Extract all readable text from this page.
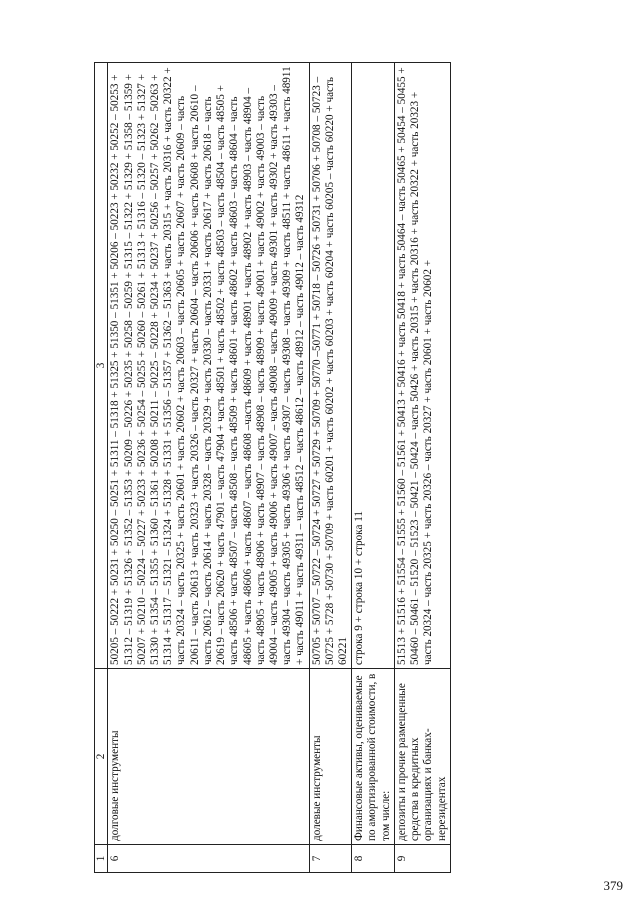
1	2	3
6	долговые инструменты	50205 – 50222 + 50231 + 50250 – 50251 + 51311 – 51318 + 51325 + 51350 – 51351 + 50206 – 50223 + 50232 + 50252 – 50253 + 51312 – 51319 + 51326 + 51352 – 51353 + 50209 – 50226 + 50235 + 50258 – 50259 + 51315 – 51322 + 51329 + 51358 – 51359 + 50207 + 50210 – 50224 – 50227 + 50233 + 50236 + 50254 – 50255 + 50260 – 50261 + 51313 + 51316 – 51320 – 51323 + 51327 + 51330 + 51354 – 51355 + 51360 – 51361 + 50208 + 50211 – 50225 – 50228 + 50234 + 50237 + 50256 – 50257 + 50262 – 50263 + 51314 + 51317 – 51321 – 51324 + 51328 + 51331 + 51356 – 51357 + 51362 – 51363 + часть 20315 + часть 20316 + часть 20322 + часть 20324 – часть 20325 + часть 20601 + часть 20602 + часть 20603 – часть 20605 + часть 20607 + часть 20609 – часть 20611 – часть 20613 + часть 20323 + часть 20326 – часть 20327 + часть 20604 – часть 20606 + часть 20608 + часть 20610 – часть 20612 – часть 20614 + часть 20328 – часть 20329 + часть 20330 – часть 20331 + часть 20617 + часть 20618 – часть 20619 – часть 20620 + часть 47901 – часть 47904 + часть 48501 + часть 48502 + часть 48503 – часть 48504 – часть 48505 + часть 48506 + часть 48507 – часть 48508 – часть 48509 + часть 48601 + часть 48602 + часть 48603 – часть 48604 – часть 48605 + часть 48606 + часть 48607 – часть 48608 –часть 48609 + часть 48901 + часть 48902 + часть 48903 – часть 48904 – часть 48905 + часть 48906 + часть 48907 – часть 48908 – часть 48909 + часть 49001 + часть 49002 + часть 49003 – часть 49004 – часть 49005 + часть 49006 + часть 49007 – часть 49008 – часть 49009 + часть 49301 + часть 49302 + часть 49303 – часть 49304 – часть 49305 + часть 49306 + часть 49307 – часть 49308 – часть 49309 + часть 48511 + часть 48611 + часть 48911 + часть 49011 + часть 49311 – часть 48512 – часть 48612 – часть 48912 – часть 49012 – часть 49312
7	долевые инструменты	50705 + 50707 – 50722 – 50724 + 50727 + 50729 + 50709 + 50770 –50771 + 50718 – 50726 + 50731 + 50706 + 50708 – 50723 – 50725 + 5728 + 50730 + 50709 + часть 60201 + часть 60202 + часть 60203 + часть 60204 + часть 60205 – часть 60220 + часть 60221
8	Финансовые активы, оцениваемые по амортизированной стоимости, в том числе:	строка 9 + строка 10 + строка 11
9	депозиты и прочие размещенные средства в кредитных организациях и банках-нерезидентах	51513 + 51516 + 51554 – 51555 + 51560 – 51561 + 50413 + 50416 + часть 50418 + часть 50464 – часть 50465 + 50454 – 50455 + 50460 – 50461 – 51520 – 51523 – 50421 – 50424 – часть 50426 + часть 20315 + часть 20316 + часть 20322 + часть 20323 + часть 20324 – часть 20325 + часть 20326 – часть 20327 + часть 20601 + часть 20602 +
379
